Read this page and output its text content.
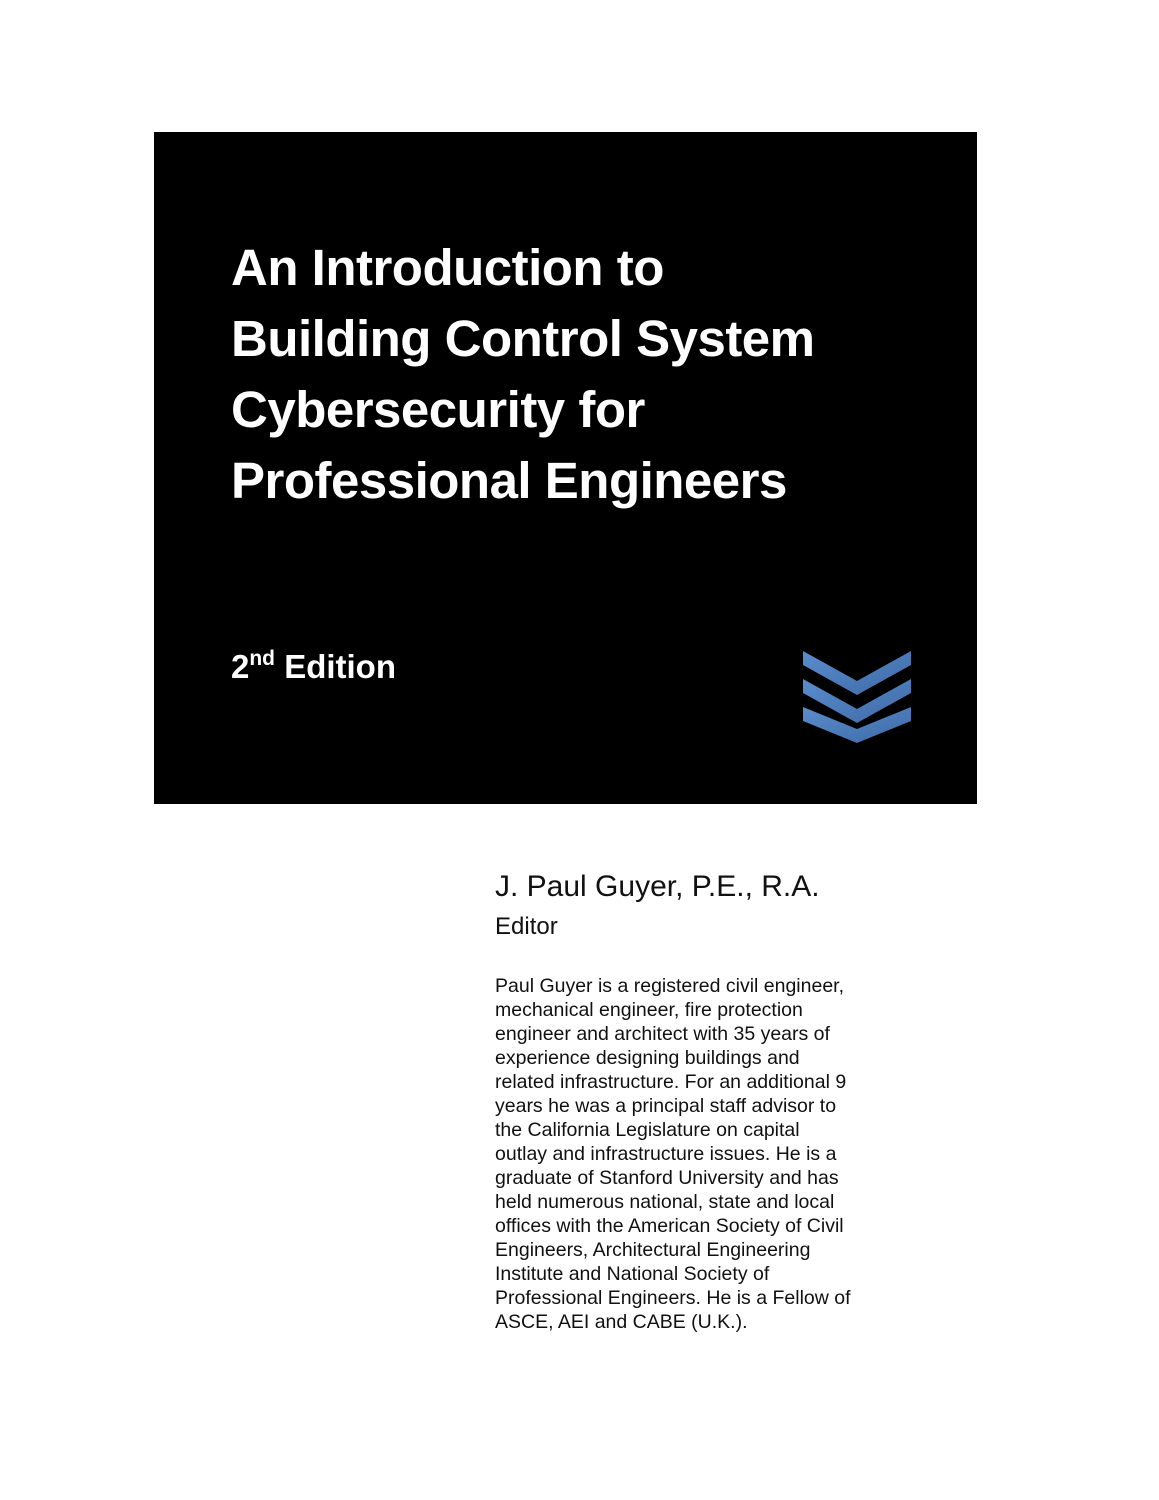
An Introduction to
Building Control System
Cybersecurity for
Professional Engineers
2nd Edition
J. Paul Guyer, P.E., R.A.
Editor
Paul Guyer is a registered civil engineer,
mechanical engineer, fire protection
engineer and architect with 35 years of
experience designing buildings and
related infrastructure. For an additional 9
years he was a principal staff advisor to
the California Legislature on capital
outlay and infrastructure issues. He is a
graduate of Stanford University and has
held numerous national, state and local
offices with the American Society of Civil
Engineers, Architectural Engineering
Institute and National Society of
Professional Engineers. He is a Fellow of
ASCE, AEI and CABE (U.K.).
